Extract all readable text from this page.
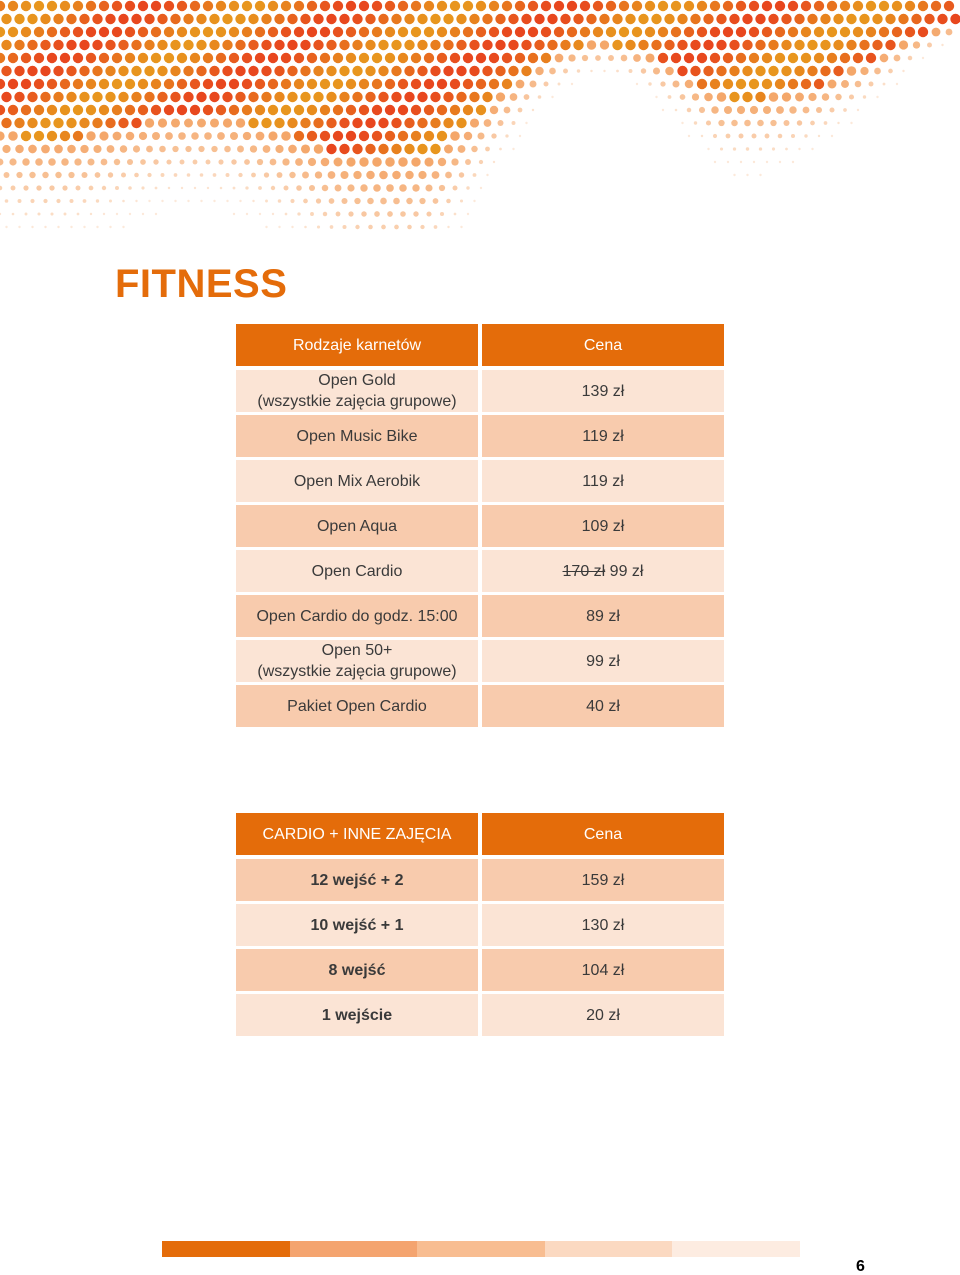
FITNESS
Rodzaje karnetów	Cena

Open Gold
(wszystkie zajęcia grupowe)	139 zł
Open Music Bike	119 zł
Open Mix Aerobik	119 zł
Open Aqua	109 zł
Open Cardio	170 zł 99 zł
Open Cardio do godz. 15:00	89 zł

Open 50+
(wszystkie zajęcia grupowe)	99 zł
Pakiet Open Cardio	40 zł
CARDIO + INNE ZAJĘCIA	Cena
12 wejść + 2	159 zł
10 wejść + 1	130 zł
8 wejść	104 zł
1 wejście	20 zł
6
